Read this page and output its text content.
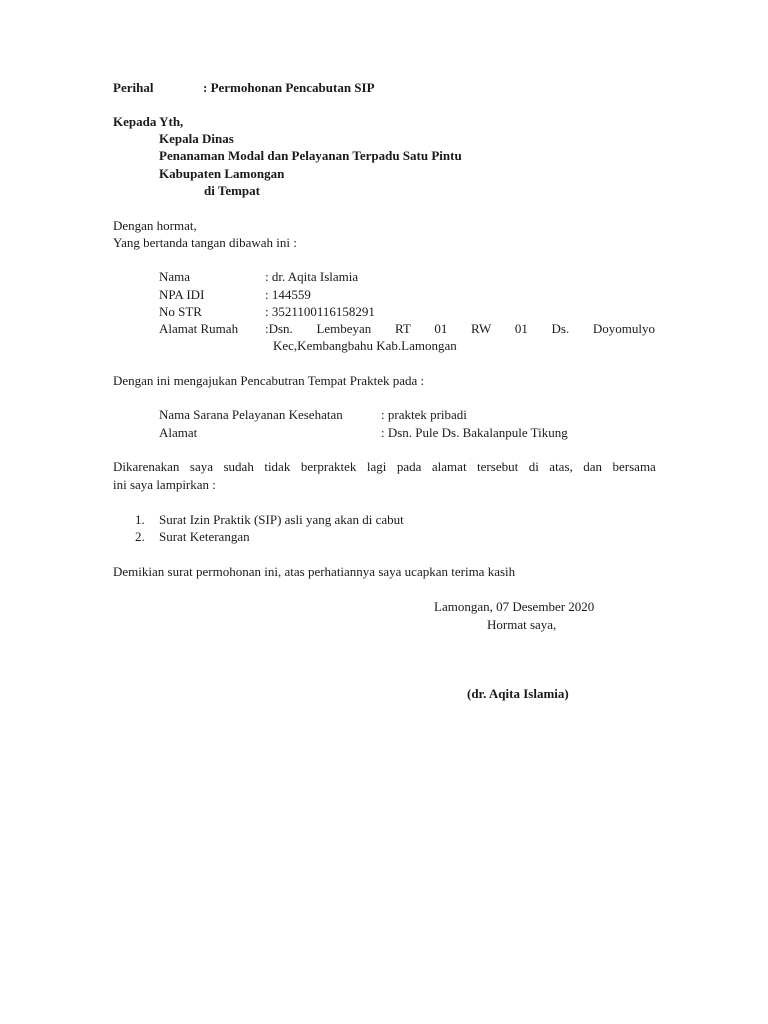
Perihal	: Permohonan Pencabutan SIP
Kepada Yth,
Kepala Dinas
Penanaman Modal dan Pelayanan Terpadu Satu Pintu
Kabupaten Lamongan
di Tempat
Dengan hormat,
Yang bertanda tangan dibawah ini :
Nama	: dr. Aqita Islamia
NPA IDI	: 144559
No STR	: 3521100116158291
Alamat Rumah :Dsn. Lembeyan RT 01 RW 01 Ds. Doyomulyo
Kec,Kembangbahu Kab.Lamongan
Dengan ini mengajukan Pencabutran Tempat Praktek pada :
Nama Sarana Pelayanan Kesehatan	: praktek pribadi
Alamat	: Dsn. Pule Ds. Bakalanpule Tikung
Dikarenakan saya sudah tidak berpraktek lagi pada alamat tersebut di atas, dan bersama
ini saya lampirkan :
1. Surat Izin Praktik (SIP) asli yang akan di cabut
2. Surat Keterangan
Demikian surat permohonan ini, atas perhatiannya saya ucapkan terima kasih
Lamongan, 07 Desember 2020
Hormat saya,
(dr. Aqita Islamia)
